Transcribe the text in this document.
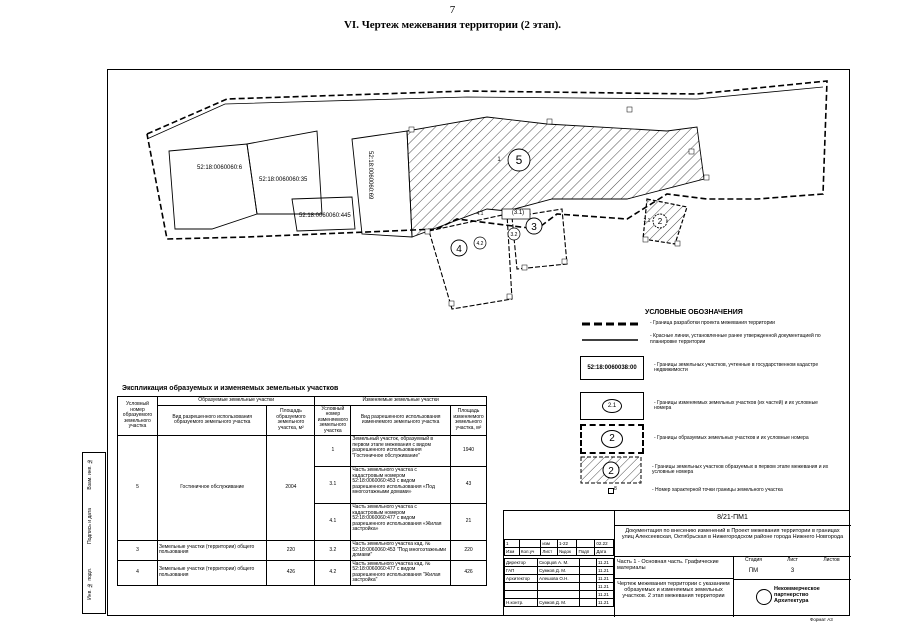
7
VI. Чертеж межевания территории (2 этап).
52:18:0060060:6
52:18:0060060:35
52:18:0060060:445
52:18:0060060:69	5
4
3
2
4.2
3.2
(3.1)
4.1
1
2.1
УСЛОВНЫЕ ОБОЗНАЧЕНИЯ
- Граница разработки проекта межевания территории
- Красные линии, установленные ранее утвержденной документацией по планировке территории
52:18:0060038:00
- Границы земельных участков, учтенные в государственном кадастре недвижимости
2.1
- Границы изменяемых земельных участков (их частей) и их условные номера
2	- Границы образуемых земельных участков и их условные номера
2	- Границы земельных участков образуемых в первом этапе межевания и их условные номера
8	- Номер характерной точки границы земельного участка
Экспликация образуемых и изменяемых земельных участков
Условный номер образуемого земельного участка	Образуемые земельные участки		Изменяемые земельные участки		
	Вид разрешенного использования образуемого земельного участка	Площадь образуемого земельного участка, м²	Условный номер изменяемого земельного участка	Вид разрешенного использования изменяемого земельного участка	Площадь изменяемого земельного участка, м²
5	Гостиничное обслуживание	2004	1	Земельный участок, образуемый в первом этапе межевания с видом разрешенного использования "Гостиничное обслуживание"	1940
			3.1	Часть земельного участка с кадастровым номером 52:18:0060060:453 с видом разрешенного использования «Под многоэтажными домами»	43
			4.1	Часть земельного участка с кадастровым номером 52:18:0060060:477 с видом разрешенного использования «Жилая застройка»	21
3	Земельные участки (территории) общего пользования	220	3.2	Часть земельного участка кад. № 52:18:0060060:453 "Под многоэтажными домами"	220
4	Земельные участки (территории) общего пользования	426	4.2	Часть земельного участка кад. № 52:18:0060060:477 с видом разрешенного использования "Жилая застройка"	426
Взам. инв. №
Подпись и дата
Инв. № подл.
1		изм	1-22		02.22
Изм	Кол.уч	Лист	№док	Подп	Дата
Директор	Скорцов А. М.		11.21
ГАП	Сумков Д. М.		11.21
Архитектор	Алешова О.Н.		11.21
			11.21
			11.21
Н.контр.	Сумков Д. М.		11.21
8/21-ПМ1
Документация по внесению изменений в Проект межевания территории в границах улиц Алексеевская, Октябрьская в Нижегородском районе города Нижнего Новгорода
Часть 1 - Основная часть. Графические материалы
Стадия	Лист	Листов
ПМ	3
Чертеж межевания территории с указанием образуемых и изменяемых земельных участков. 2 этап межевания территории
Некоммерческое партнерство Архитектура
Формат А3
